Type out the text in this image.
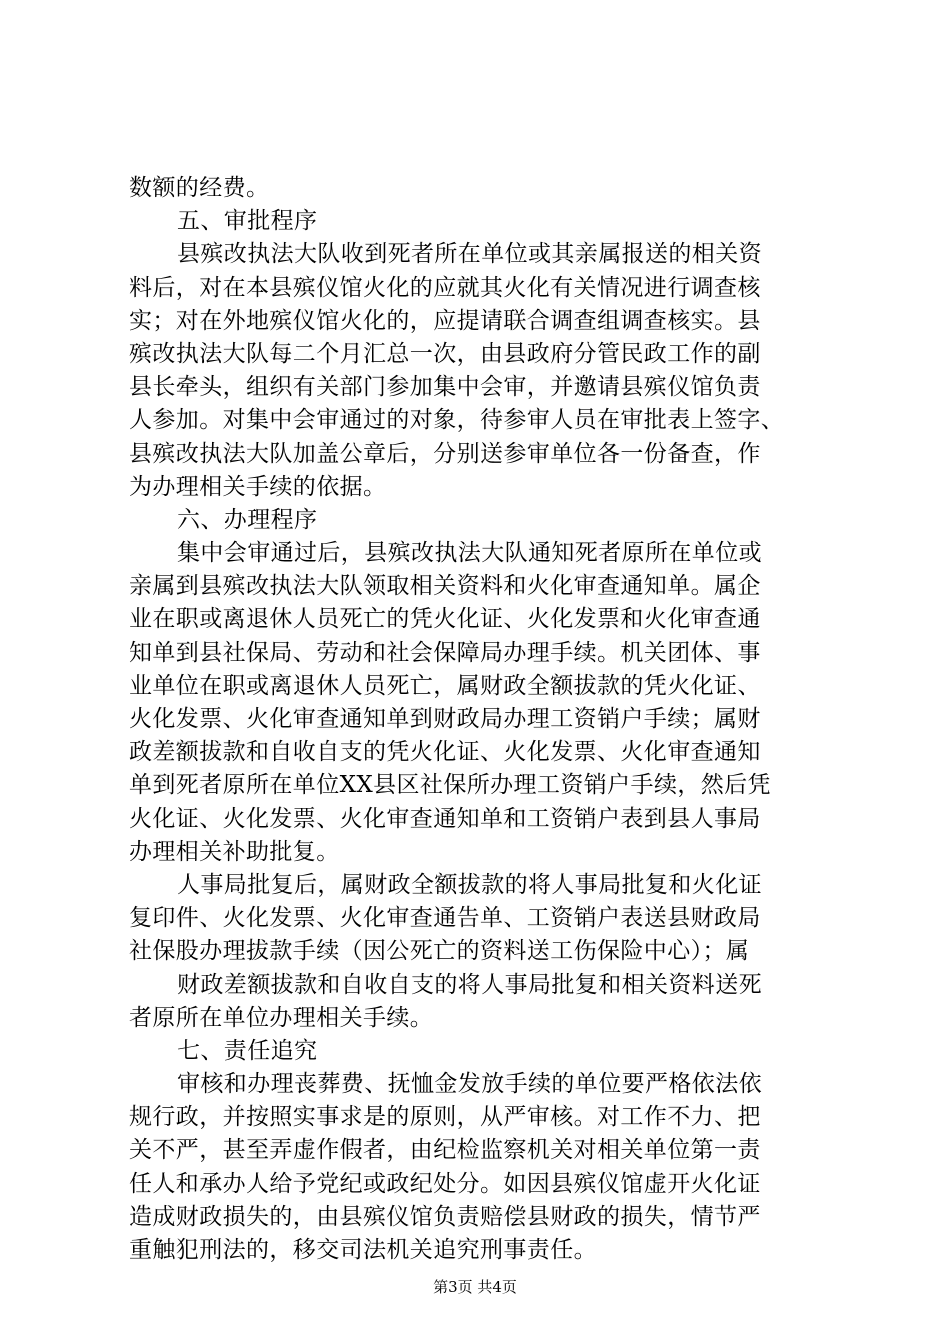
数额的经费。
五、审批程序
县殡改执法大队收到死者所在单位或其亲属报送的相关资
料后，对在本县殡仪馆火化的应就其火化有关情况进行调查核
实；对在外地殡仪馆火化的，应提请联合调查组调查核实。县
殡改执法大队每二个月汇总一次，由县政府分管民政工作的副
县长牵头，组织有关部门参加集中会审，并邀请县殡仪馆负责
人参加。对集中会审通过的对象，待参审人员在审批表上签字、
县殡改执法大队加盖公章后，分别送参审单位各一份备查，作
为办理相关手续的依据。
六、办理程序
集中会审通过后，县殡改执法大队通知死者原所在单位或
亲属到县殡改执法大队领取相关资料和火化审查通知单。属企
业在职或离退休人员死亡的凭火化证、火化发票和火化审查通
知单到县社保局、劳动和社会保障局办理手续。机关团体、事
业单位在职或离退休人员死亡，属财政全额拔款的凭火化证、
火化发票、火化审查通知单到财政局办理工资销户手续；属财
政差额拔款和自收自支的凭火化证、火化发票、火化审查通知
单到死者原所在单位XX县区社保所办理工资销户手续，然后凭
火化证、火化发票、火化审查通知单和工资销户表到县人事局
办理相关补助批复。
人事局批复后，属财政全额拔款的将人事局批复和火化证
复印件、火化发票、火化审查通告单、工资销户表送县财政局
社保股办理拔款手续（因公死亡的资料送工伤保险中心）；属
财政差额拔款和自收自支的将人事局批复和相关资料送死
者原所在单位办理相关手续。
七、责任追究
审核和办理丧葬费、抚恤金发放手续的单位要严格依法依
规行政，并按照实事求是的原则，从严审核。对工作不力、把
关不严，甚至弄虚作假者，由纪检监察机关对相关单位第一责
任人和承办人给予党纪或政纪处分。如因县殡仪馆虚开火化证
造成财政损失的，由县殡仪馆负责赔偿县财政的损失，情节严
重触犯刑法的，移交司法机关追究刑事责任。
第3页 共4页
